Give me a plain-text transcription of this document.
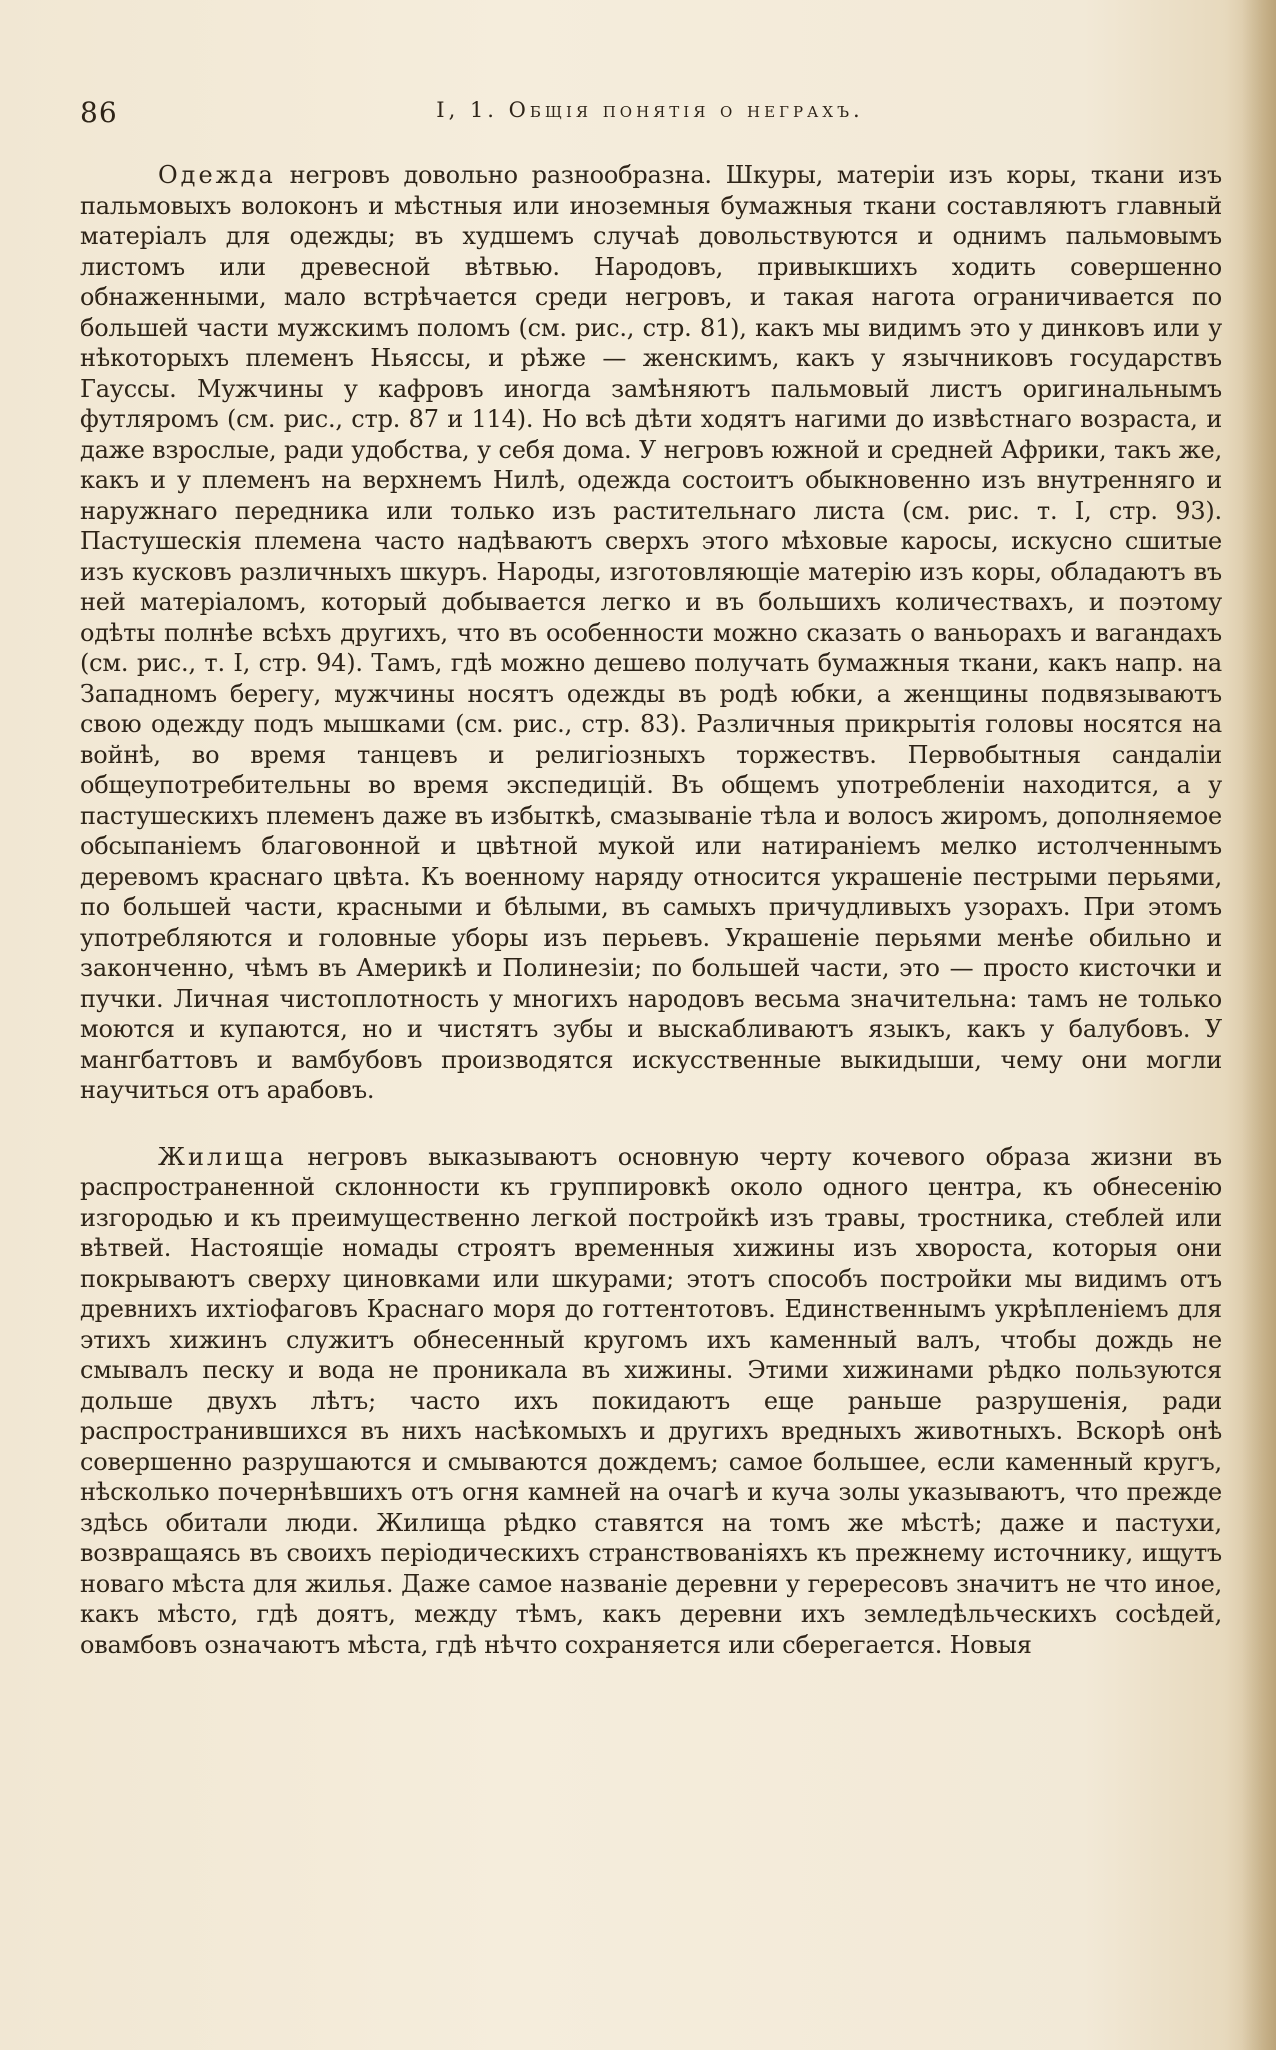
86	I, 1. Общія понятія о неграхъ.

Одежда негровъ довольно разнообразна. Шкуры, матеріи изъ коры, ткани изъ пальмовыхъ волоконъ и мѣстныя или иноземныя бумажныя ткани составляютъ главный матеріалъ для одежды; въ худшемъ случаѣ довольствуются и однимъ пальмовымъ листомъ или древесной вѣтвью. Народовъ, привыкшихъ ходить совершенно обнаженными, мало встрѣчается среди негровъ, и такая нагота ограничивается по большей части мужскимъ поломъ (см. рис., стр. 81), какъ мы видимъ это у динковъ или у нѣкоторыхъ племенъ Ньяссы, и рѣже — женскимъ, какъ у язычниковъ государствъ Гауссы. Мужчины у кафровъ иногда замѣняютъ пальмовый листъ оригинальнымъ футляромъ (см. рис., стр. 87 и 114). Но всѣ дѣти ходятъ нагими до извѣстнаго возраста, и даже взрослые, ради удобства, у себя дома. У негровъ южной и средней Африки, такъ же, какъ и у племенъ на верхнемъ Нилѣ, одежда состоитъ обыкновенно изъ внутренняго и наружнаго передника или только изъ растительнаго листа (см. рис. т. I, стр. 93). Пастушескія племена часто надѣваютъ сверхъ этого мѣховые каросы, искусно сшитые изъ кусковъ различныхъ шкуръ. Народы, изготовляющіе матерію изъ коры, обладаютъ въ ней матеріаломъ, который добывается легко и въ большихъ количествахъ, и поэтому одѣты полнѣе всѣхъ другихъ, что въ особенности можно сказать о ваньорахъ и вагандахъ (см. рис., т. I, стр. 94). Тамъ, гдѣ можно дешево получать бумажныя ткани, какъ напр. на Западномъ берегу, мужчины носятъ одежды въ родѣ юбки, а женщины подвязываютъ свою одежду подъ мышками (см. рис., стр. 83). Различныя прикрытія головы носятся на войнѣ, во время танцевъ и религіозныхъ торжествъ. Первобытныя сандаліи общеупотребительны во время экспедицій. Въ общемъ употребленіи находится, а у пастушескихъ племенъ даже въ избыткѣ, смазываніе тѣла и волосъ жиромъ, дополняемое обсыпаніемъ благовонной и цвѣтной мукой или натираніемъ мелко истолченнымъ деревомъ краснаго цвѣта. Къ военному наряду относится украшеніе пестрыми перьями, по большей части, красными и бѣлыми, въ самыхъ причудливыхъ узорахъ. При этомъ употребляются и головные уборы изъ перьевъ. Украшеніе перьями менѣе обильно и законченно, чѣмъ въ Америкѣ и Полинезіи; по большей части, это — просто кисточки и пучки. Личная чистоплотность у многихъ народовъ весьма значительна: тамъ не только моются и купаются, но и чистятъ зубы и выскабливаютъ языкъ, какъ у балубовъ. У мангбаттовъ и вамбубовъ производятся искусственные выкидыши, чему они могли научиться отъ арабовъ.

Жилища негровъ выказываютъ основную черту кочевого образа жизни въ распространенной склонности къ группировкѣ около одного центра, къ обнесенію изгородью и къ преимущественно легкой постройкѣ изъ травы, тростника, стеблей или вѣтвей. Настоящіе номады строятъ временныя хижины изъ хвороста, которыя они покрываютъ сверху циновками или шкурами; этотъ способъ постройки мы видимъ отъ древнихъ ихтіофаговъ Краснаго моря до готтентотовъ. Единственнымъ укрѣпленіемъ для этихъ хижинъ служитъ обнесенный кругомъ ихъ каменный валъ, чтобы дождь не смывалъ песку и вода не проникала въ хижины. Этими хижинами рѣдко пользуются дольше двухъ лѣтъ; часто ихъ покидаютъ еще раньше разрушенія, ради распространившихся въ нихъ насѣкомыхъ и другихъ вредныхъ животныхъ. Вскорѣ онѣ совершенно разрушаются и смываются дождемъ; самое большее, если каменный кругъ, нѣсколько почернѣвшихъ отъ огня камней на очагѣ и куча золы указываютъ, что прежде здѣсь обитали люди. Жилища рѣдко ставятся на томъ же мѣстѣ; даже и пастухи, возвращаясь въ своихъ періодическихъ странствованіяхъ къ прежнему источнику, ищутъ новаго мѣста для жилья. Даже самое названіе деревни у герересовъ значитъ не что иное, какъ мѣсто, гдѣ доятъ, между тѣмъ, какъ деревни ихъ земледѣльческихъ сосѣдей, овамбовъ означаютъ мѣста, гдѣ нѣчто сохраняется или сберегается. Новыя
